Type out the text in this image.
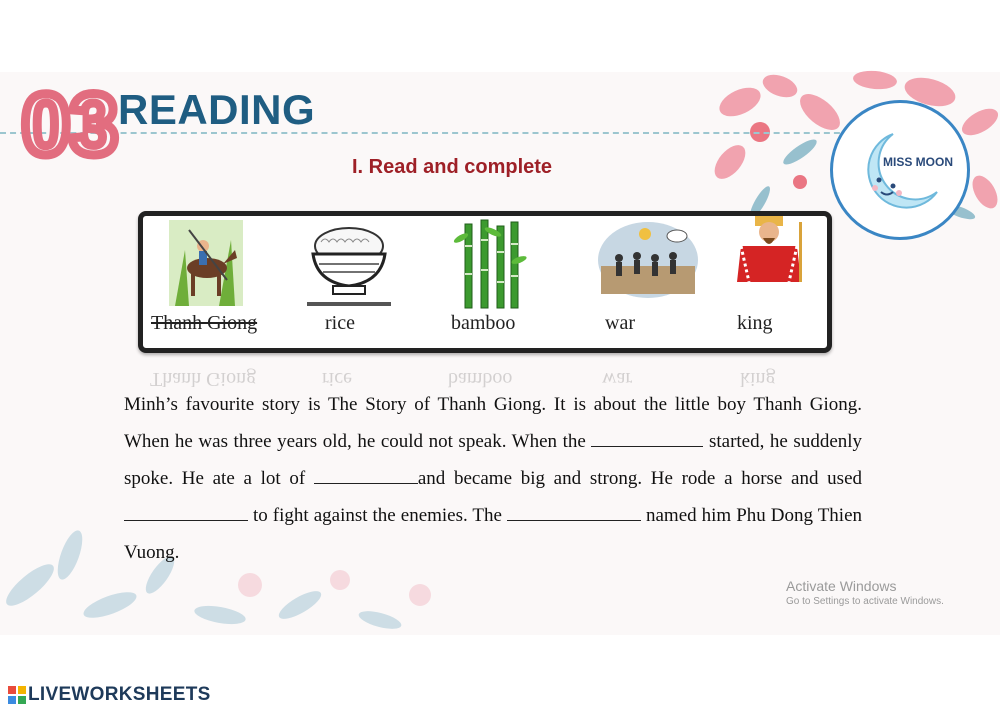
03 READING
I. Read and complete	MISS MOON
Thanh Giong	rice	bamboo	war	king
Thanh Giong	rice	bamboo	war	king
Minh’s favourite story is The Story of Thanh Giong. It is about the little boy Thanh Giong. When he was three years old, he could not speak. When the	started, he suddenly spoke. He ate a lot of	and became big and strong. He rode a horse and used  to fight against the enemies. The	named him Phu Dong Thien Vuong.
Activate Windows
Go to Settings to activate Windows.
LIVEWORKSHEETS
